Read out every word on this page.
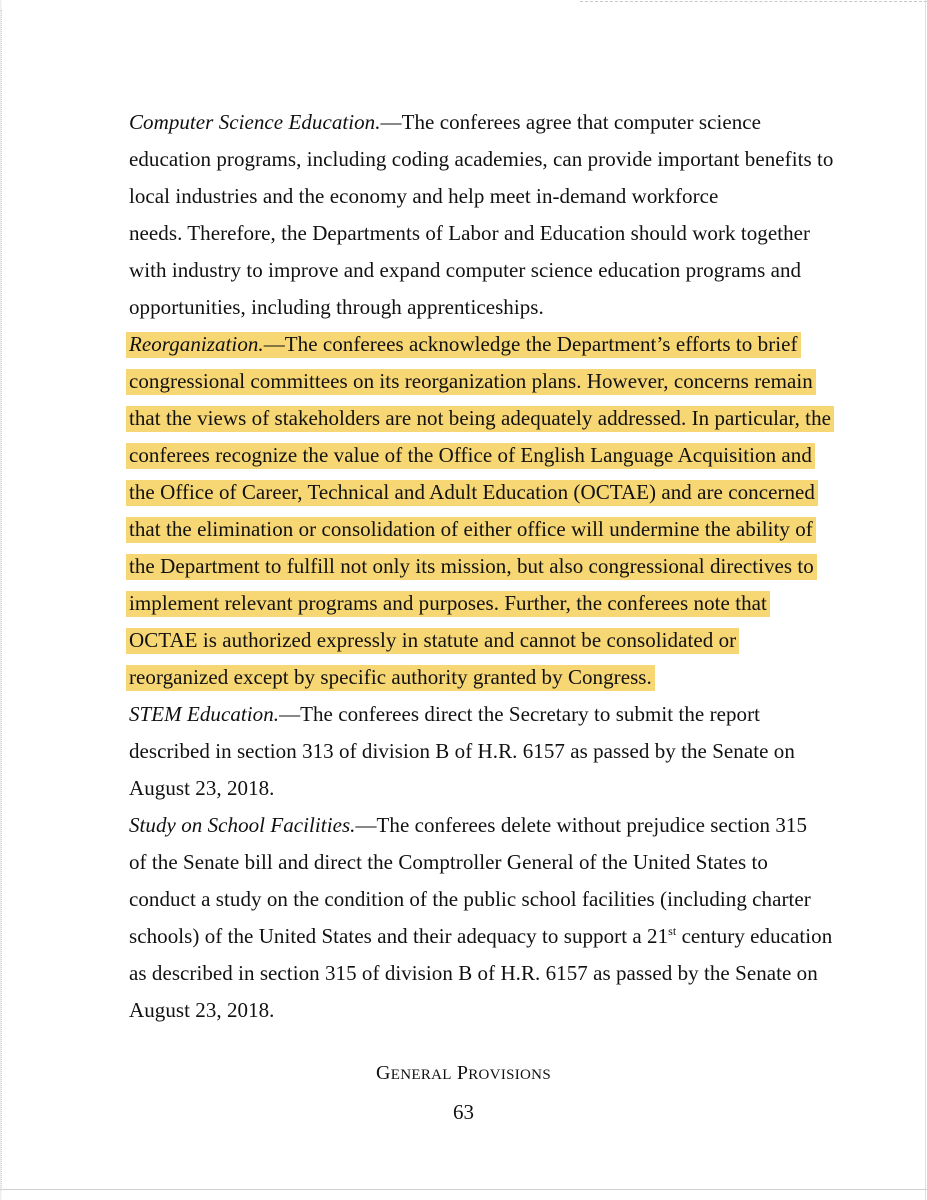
Computer Science Education.—The conferees agree that computer science
education programs, including coding academies, can provide important benefits to
local industries and the economy and help meet in-demand workforce
needs. Therefore, the Departments of Labor and Education should work together
with industry to improve and expand computer science education programs and
opportunities, including through apprenticeships.

Reorganization.—The conferees acknowledge the Department’s efforts to brief
congressional committees on its reorganization plans. However, concerns remain
that the views of stakeholders are not being adequately addressed. In particular, the
conferees recognize the value of the Office of English Language Acquisition and
the Office of Career, Technical and Adult Education (OCTAE) and are concerned
that the elimination or consolidation of either office will undermine the ability of
the Department to fulfill not only its mission, but also congressional directives to
implement relevant programs and purposes. Further, the conferees note that
OCTAE is authorized expressly in statute and cannot be consolidated or
reorganized except by specific authority granted by Congress.

STEM Education.—The conferees direct the Secretary to submit the report
described in section 313 of division B of H.R. 6157 as passed by the Senate on
August 23, 2018.

Study on School Facilities.—The conferees delete without prejudice section 315
of the Senate bill and direct the Comptroller General of the United States to
conduct a study on the condition of the public school facilities (including charter
schools) of the United States and their adequacy to support a 21st century education
as described in section 315 of division B of H.R. 6157 as passed by the Senate on
August 23, 2018.

GENERAL PROVISIONS
63
